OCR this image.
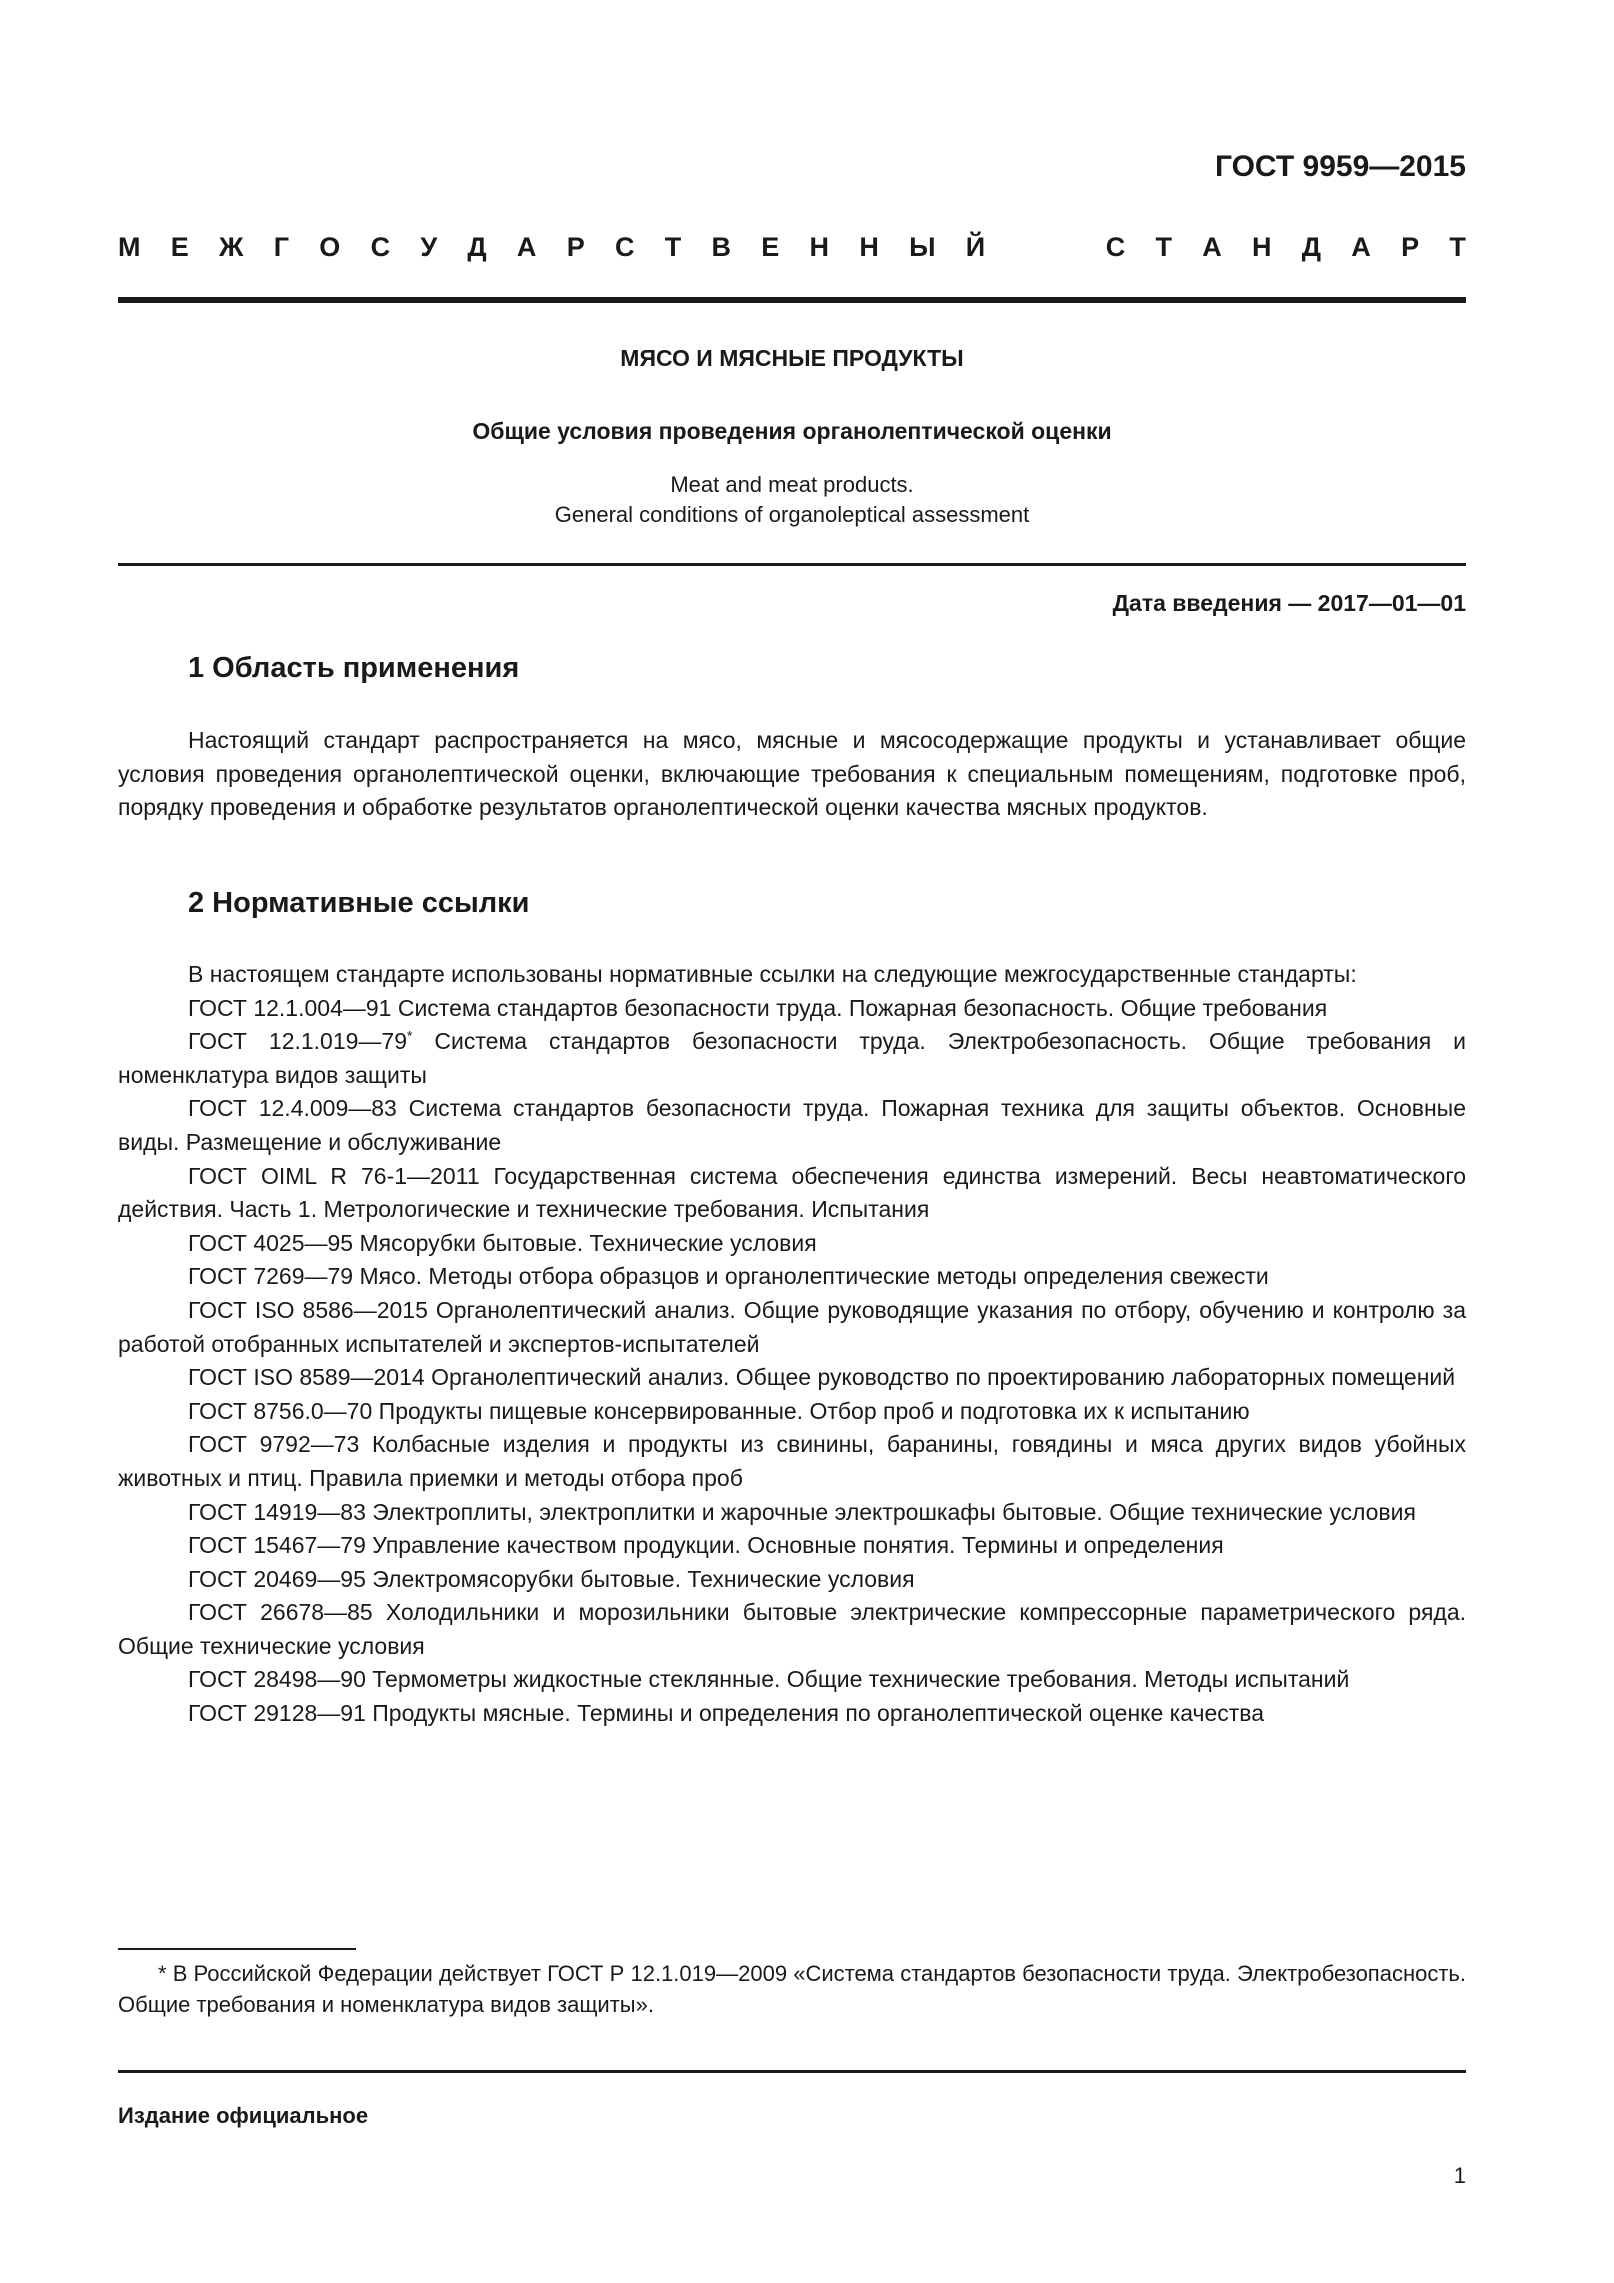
ГОСТ 9959—2015
М Е Ж Г О С У Д А Р С Т В Е Н Н Ы Й	С Т А Н Д А Р Т
МЯСО И МЯСНЫЕ ПРОДУКТЫ
Общие условия проведения органолептической оценки
Meat and meat products.
General conditions of organoleptical assessment
Дата введения — 2017—01—01
1 Область применения

Настоящий стандарт распространяется на мясо, мясные и мясосодержащие продукты и устанавливает общие условия проведения органолептической оценки, включающие требования к специальным помещениям, подготовке проб, порядку проведения и обработке результатов органолептической оценки качества мясных продуктов.

2 Нормативные ссылки

В настоящем стандарте использованы нормативные ссылки на следующие межгосударственные стандарты:

ГОСТ 12.1.004—91 Система стандартов безопасности труда. Пожарная безопасность. Общие требования

ГОСТ 12.1.019—79* Система стандартов безопасности труда. Электробезопасность. Общие требования и номенклатура видов защиты

ГОСТ 12.4.009—83 Система стандартов безопасности труда. Пожарная техника для защиты объектов. Основные виды. Размещение и обслуживание

ГОСТ OIML R 76-1—2011 Государственная система обеспечения единства измерений. Весы неавтоматического действия. Часть 1. Метрологические и технические требования. Испытания

ГОСТ 4025—95 Мясорубки бытовые. Технические условия

ГОСТ 7269—79 Мясо. Методы отбора образцов и органолептические методы определения свежести

ГОСТ ISO 8586—2015 Органолептический анализ. Общие руководящие указания по отбору, обучению и контролю за работой отобранных испытателей и экспертов-испытателей

ГОСТ ISO 8589—2014 Органолептический анализ. Общее руководство по проектированию лабораторных помещений

ГОСТ 8756.0—70 Продукты пищевые консервированные. Отбор проб и подготовка их к испытанию

ГОСТ 9792—73 Колбасные изделия и продукты из свинины, баранины, говядины и мяса других видов убойных животных и птиц. Правила приемки и методы отбора проб

ГОСТ 14919—83 Электроплиты, электроплитки и жарочные электрошкафы бытовые. Общие технические условия

ГОСТ 15467—79 Управление качеством продукции. Основные понятия. Термины и определения

ГОСТ 20469—95 Электромясорубки бытовые. Технические условия

ГОСТ 26678—85 Холодильники и морозильники бытовые электрические компрессорные параметрического ряда. Общие технические условия

ГОСТ 28498—90 Термометры жидкостные стеклянные. Общие технические требования. Методы испытаний

ГОСТ 29128—91 Продукты мясные. Термины и определения по органолептической оценке качества

* В Российской Федерации действует ГОСТ Р 12.1.019—2009 «Система стандартов безопасности труда. Электробезопасность. Общие требования и номенклатура видов защиты».

Издание официальное
1
